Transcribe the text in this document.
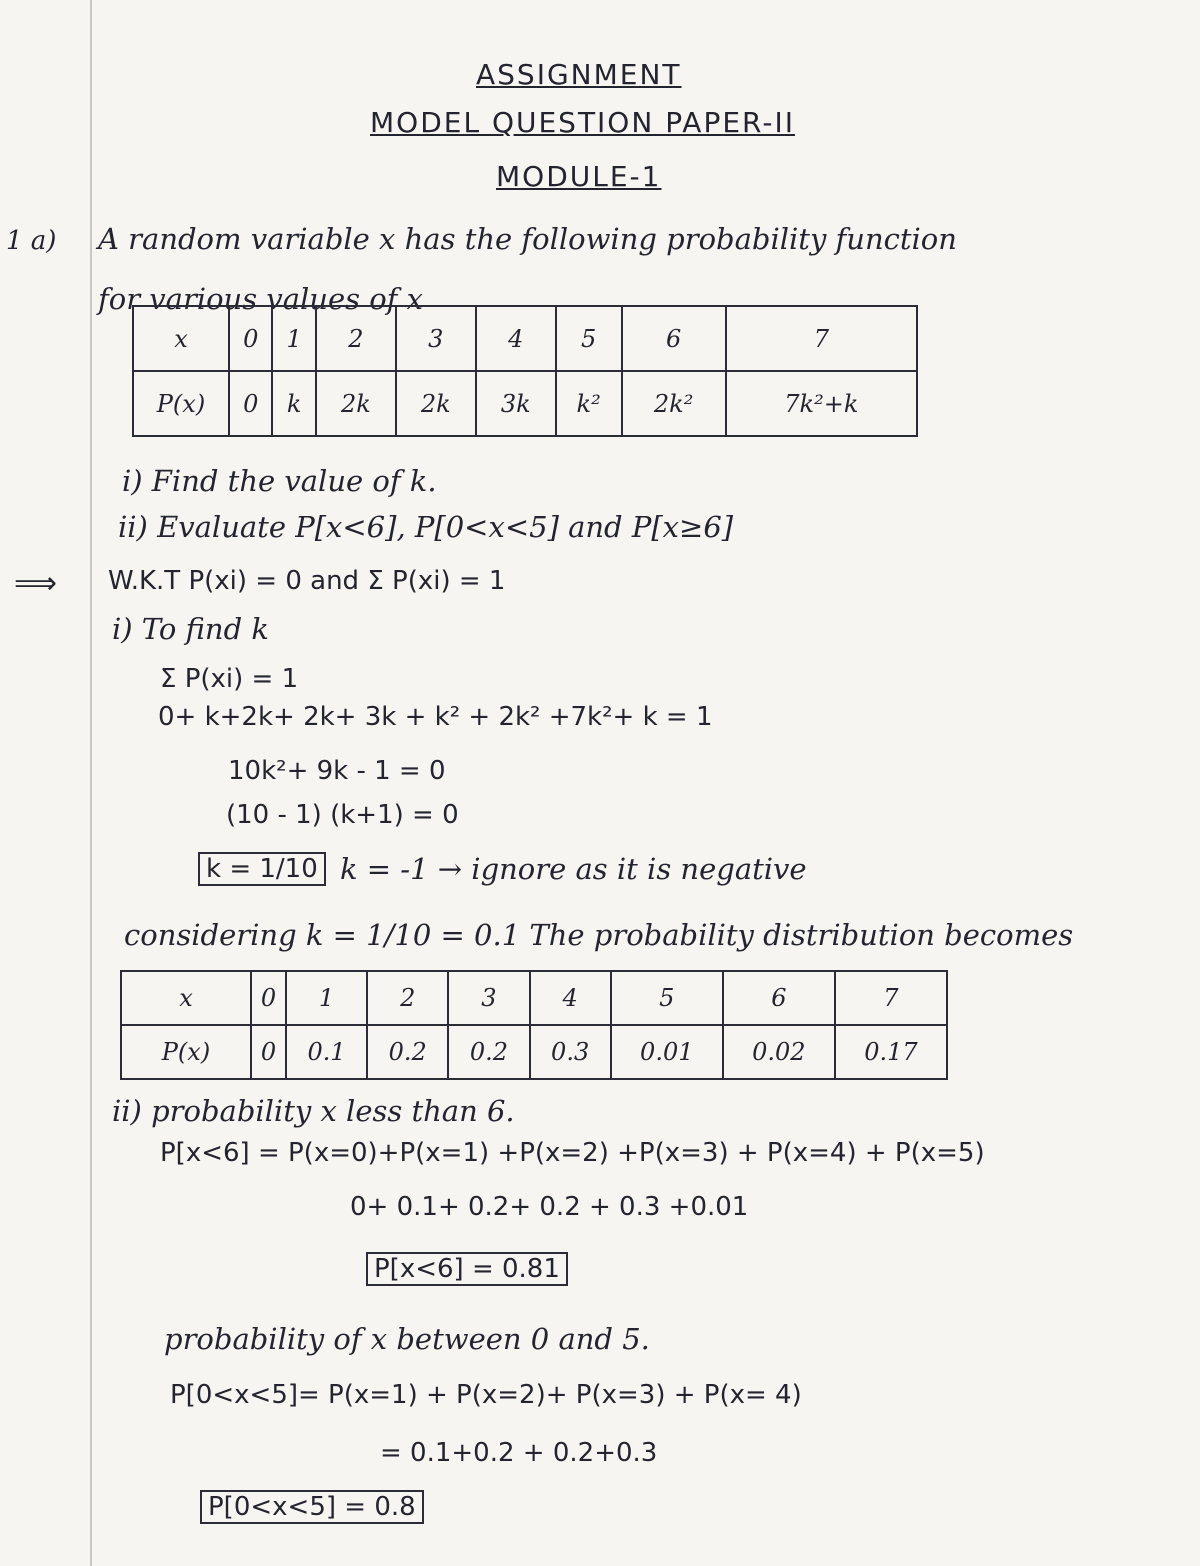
ASSIGNMENT
MODEL QUESTION PAPER-II
MODULE-1
1 a) A random variable x has the following probability function
for various values of x
x	0	1	2	3	4	5	6	7
P(x)	0	k	2k	2k	3k	k²	2k²	7k²+k
i) Find the value of k.
ii) Evaluate P[x<6], P[0<x<5] and P[x≥6]
⟹ W.K.T P(xi) = 0 and Σ P(xi) = 1
i) To find k
Σ P(xi) = 1
0+ k+2k+ 2k+ 3k + k² + 2k² +7k²+ k = 1
10k²+ 9k - 1 = 0
(10 - 1) (k+1) = 0
k = 1/10 k = -1 → ignore as it is negative
considering k = 1/10 = 0.1 The probability distribution becomes
x	0	1	2	3	4	5	6	7
P(x)	0	0.1	0.2	0.2	0.3	0.01	0.02	0.17
ii) probability x less than 6.
P[x<6] = P(x=0)+P(x=1) +P(x=2) +P(x=3) + P(x=4) + P(x=5)
0+ 0.1+ 0.2+ 0.2 + 0.3 +0.01
P[x<6] = 0.81
probability of x between 0 and 5.
P[0<x<5]= P(x=1) + P(x=2)+ P(x=3) + P(x= 4)
= 0.1+0.2 + 0.2+0.3
P[0<x<5] = 0.8
